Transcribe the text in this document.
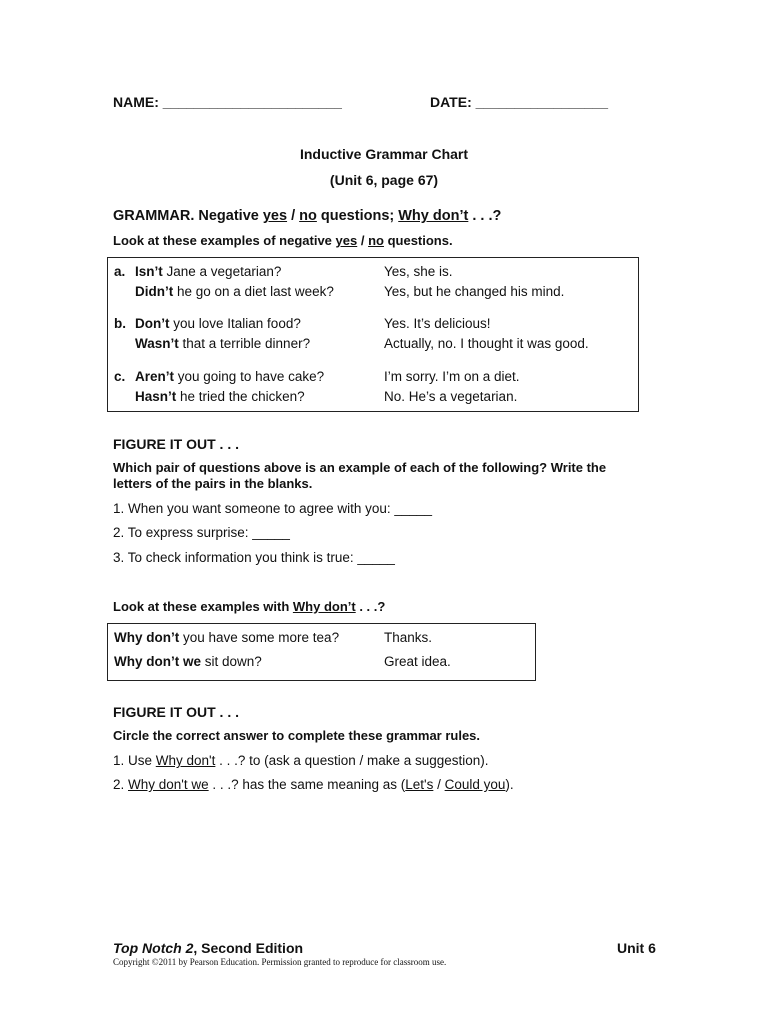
NAME: _______________________	DATE: _________________
Inductive Grammar Chart
(Unit 6, page 67)
GRAMMAR. Negative yes / no questions; Why don’t . . .?
Look at these examples of negative yes / no questions.
a. Isn’t Jane a vegetarian?	Yes, she is.
Didn’t he go on a diet last week?	Yes, but he changed his mind.
b. Don’t you love Italian food?	Yes. It’s delicious!
Wasn’t that a terrible dinner?	Actually, no. I thought it was good.
c. Aren’t you going to have cake?	I’m sorry. I’m on a diet.
Hasn’t he tried the chicken?	No. He’s a vegetarian.
FIGURE IT OUT . . .
Which pair of questions above is an example of each of the following? Write the
letters of the pairs in the blanks.
1. When you want someone to agree with you: _____
2. To express surprise: _____
3. To check information you think is true: _____
Look at these examples with Why don’t . . .?
Why don’t you have some more tea?	Thanks.
Why don’t we sit down?	Great idea.
FIGURE IT OUT . . .
Circle the correct answer to complete these grammar rules.
1. Use Why don't . . .? to (ask a question / make a suggestion).
2. Why don't we . . .? has the same meaning as (Let's / Could you).
Top Notch 2, Second Edition	Unit 6
Copyright ©2011 by Pearson Education. Permission granted to reproduce for classroom use.
